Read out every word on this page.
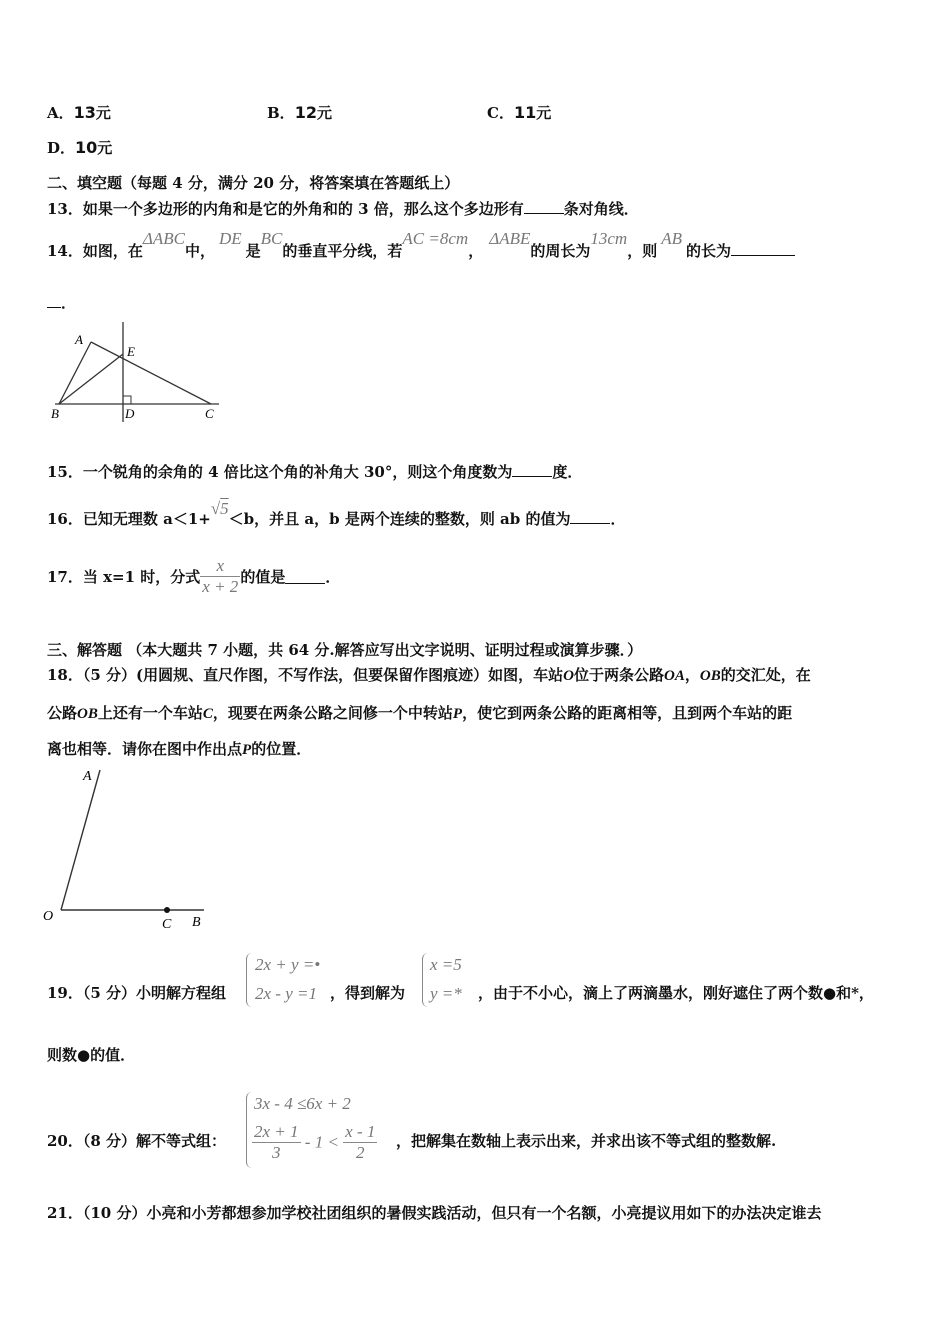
A．13元	B．12元	C．11元
D．10元
二、填空题（每题 4 分，满分 20 分，将答案填在答题纸上）
13．如果一个多边形的内角和是它的外角和的 3 倍，那么这个多边形有	条对角线．
14．如图，在ΔABC中，DE是BC的垂直平分线，若AC =8cm，ΔABE的周长为13cm，则AB的长为
．
A
E
B	D	C
15．一个锐角的余角的 4 倍比这个角的补角大 30°，则这个角度数为	度．
16．已知无理数 a＜1+√5＜b，并且 a，b 是两个连续的整数，则 ab 的值为	．
17．当 x=1 时，分式 $\frac{x}{x + 2}$ 的值是	．
三、解答题 （本大题共 7 小题，共 64 分.解答应写出文字说明、证明过程或演算步骤．）
18．（5 分）(用圆规、直尺作图，不写作法，但要保留作图痕迹）如图，车站O位于两条公路OA，OB的交汇处，在
公路OB上还有一个车站C，现要在两条公路之间修一个中转站P，使它到两条公路的距离相等，且到两个车站的距
离也相等．请你在图中作出点P的位置．
A
O
C B
19．（5 分）小明解方程组
2x + y =•
2x - y =1 ，得到解为
x =5
y =* ，由于不小心，滴上了两滴墨水，刚好遮住了两个数●和*，
则数●的值．
20．（8 分）解不等式组：
3x - 4 ≤6x + 2
$\frac{2x + 1}{3} - 1 < \frac{x - 1}{2}$ ，把解集在数轴上表示出来，并求出该不等式组的整数解.
21．（10 分）小亮和小芳都想参加学校社团组织的暑假实践活动，但只有一个名额，小亮提议用如下的办法决定谁去
